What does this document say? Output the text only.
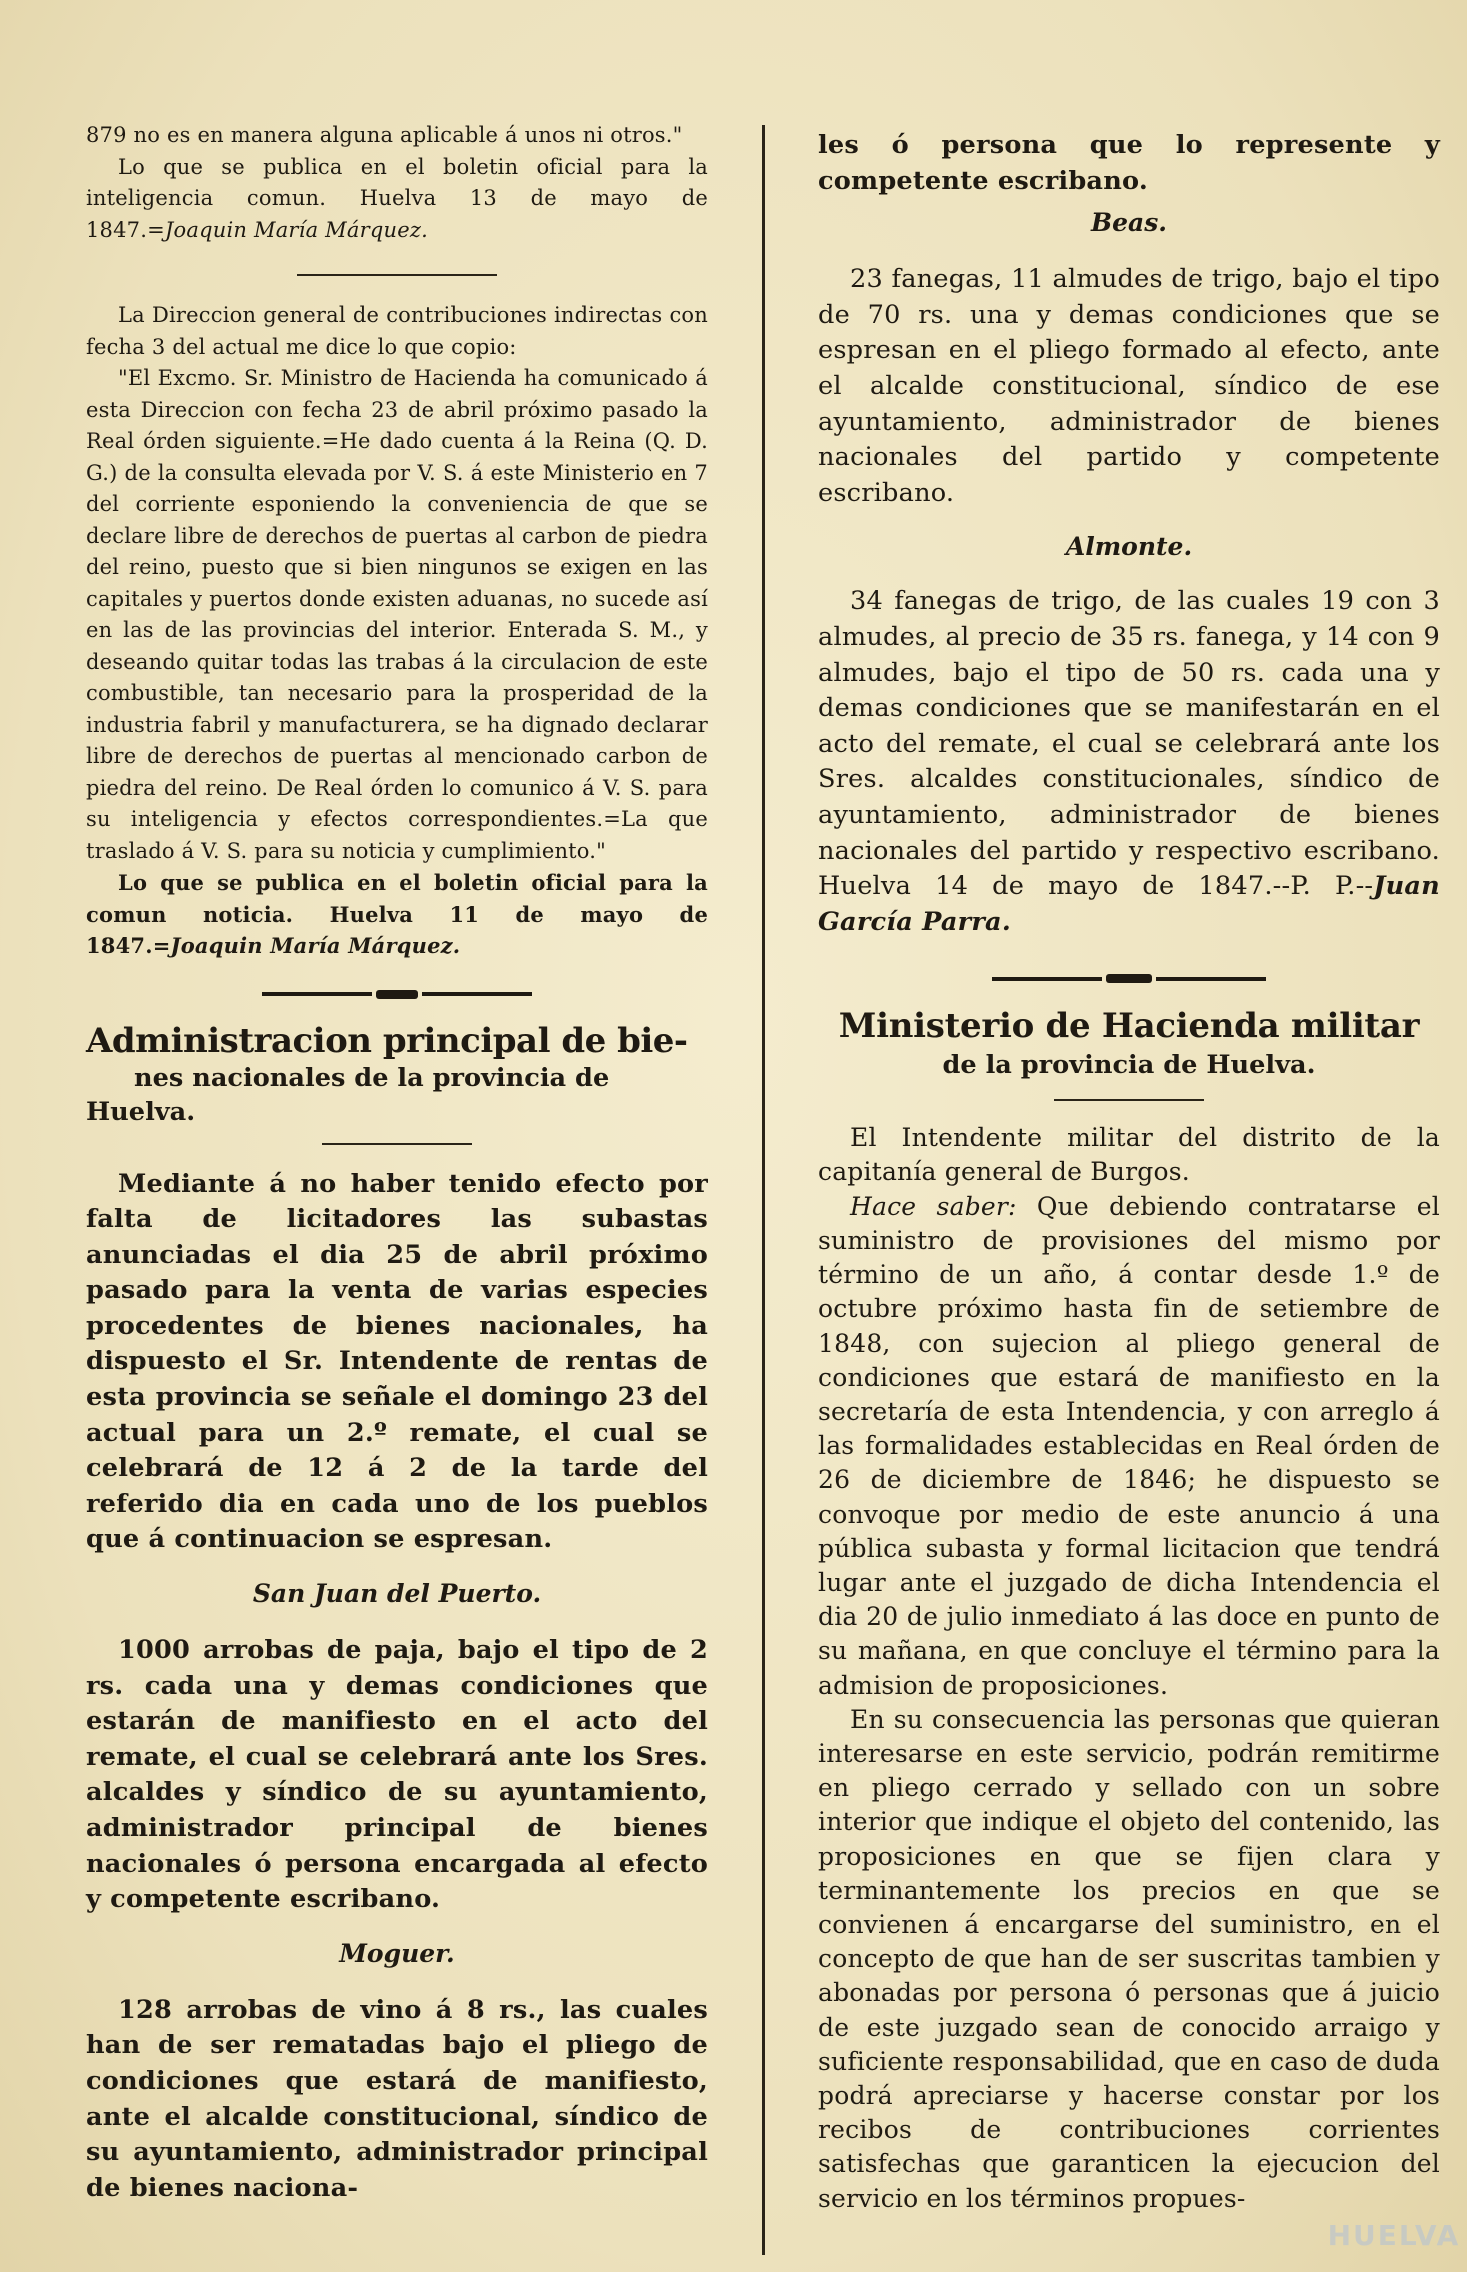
879 no es en manera alguna aplicable á unos ni otros."

Lo que se publica en el boletin oficial para la inteligencia comun. Huelva 13 de mayo de 1847.=Joaquin María Márquez.

La Direccion general de contribuciones indirectas con fecha 3 del actual me dice lo que copio:

"El Excmo. Sr. Ministro de Hacienda ha comunicado á esta Direccion con fecha 23 de abril próximo pasado la Real órden siguiente.=He dado cuenta á la Reina (Q. D. G.) de la consulta elevada por V. S. á este Ministerio en 7 del corriente esponiendo la conveniencia de que se declare libre de derechos de puertas al carbon de piedra del reino, puesto que si bien ningunos se exigen en las capitales y puertos donde existen aduanas, no sucede así en las de las provincias del interior. Enterada S. M., y deseando quitar todas las trabas á la circulacion de este combustible, tan necesario para la prosperidad de la industria fabril y manufacturera, se ha dignado declarar libre de derechos de puertas al mencionado carbon de piedra del reino. De Real órden lo comunico á V. S. para su inteligencia y efectos correspondientes.=La que traslado á V. S. para su noticia y cumplimiento."

Lo que se publica en el boletin oficial para la comun noticia. Huelva 11 de mayo de 1847.=Joaquin María Márquez.

Administracion principal de bie-
nes nacionales de la provincia de Huelva.

Mediante á no haber tenido efecto por falta de licitadores las subastas anunciadas el dia 25 de abril próximo pasado para la venta de varias especies procedentes de bienes nacionales, ha dispuesto el Sr. Intendente de rentas de esta provincia se señale el domingo 23 del actual para un 2.º remate, el cual se celebrará de 12 á 2 de la tarde del referido dia en cada uno de los pueblos que á continuacion se espresan.

San Juan del Puerto.

1000 arrobas de paja, bajo el tipo de 2 rs. cada una y demas condiciones que estarán de manifiesto en el acto del remate, el cual se celebrará ante los Sres. alcaldes y síndico de su ayuntamiento, administrador principal de bienes nacionales ó persona encargada al efecto y competente escribano.

Moguer.

128 arrobas de vino á 8 rs., las cuales han de ser rematadas bajo el pliego de condiciones que estará de manifiesto, ante el alcalde constitucional, síndico de su ayuntamiento, administrador principal de bienes naciona-

les ó persona que lo represente y competente escribano.

Beas.

23 fanegas, 11 almudes de trigo, bajo el tipo de 70 rs. una y demas condiciones que se espresan en el pliego formado al efecto, ante el alcalde constitucional, síndico de ese ayuntamiento, administrador de bienes nacionales del partido y competente escribano.

Almonte.

34 fanegas de trigo, de las cuales 19 con 3 almudes, al precio de 35 rs. fanega, y 14 con 9 almudes, bajo el tipo de 50 rs. cada una y demas condiciones que se manifestarán en el acto del remate, el cual se celebrará ante los Sres. alcaldes constitucionales, síndico de ayuntamiento, administrador de bienes nacionales del partido y respectivo escribano. Huelva 14 de mayo de 1847.--P. P.--Juan García Parra.

Ministerio de Hacienda militar
de la provincia de Huelva.

El Intendente militar del distrito de la capitanía general de Burgos.

Hace saber: Que debiendo contratarse el suministro de provisiones del mismo por término de un año, á contar desde 1.º de octubre próximo hasta fin de setiembre de 1848, con sujecion al pliego general de condiciones que estará de manifiesto en la secretaría de esta Intendencia, y con arreglo á las formalidades establecidas en Real órden de 26 de diciembre de 1846; he dispuesto se convoque por medio de este anuncio á una pública subasta y formal licitacion que tendrá lugar ante el juzgado de dicha Intendencia el dia 20 de julio inmediato á las doce en punto de su mañana, en que concluye el término para la admision de proposiciones.

En su consecuencia las personas que quieran interesarse en este servicio, podrán remitirme en pliego cerrado y sellado con un sobre interior que indique el objeto del contenido, las proposiciones en que se fijen clara y terminantemente los precios en que se convienen á encargarse del suministro, en el concepto de que han de ser suscritas tambien y abonadas por persona ó personas que á juicio de este juzgado sean de conocido arraigo y suficiente responsabilidad, que en caso de duda podrá apreciarse y hacerse constar por los recibos de contribuciones corrientes satisfechas que garanticen la ejecucion del servicio en los términos propues-

HUELVA
